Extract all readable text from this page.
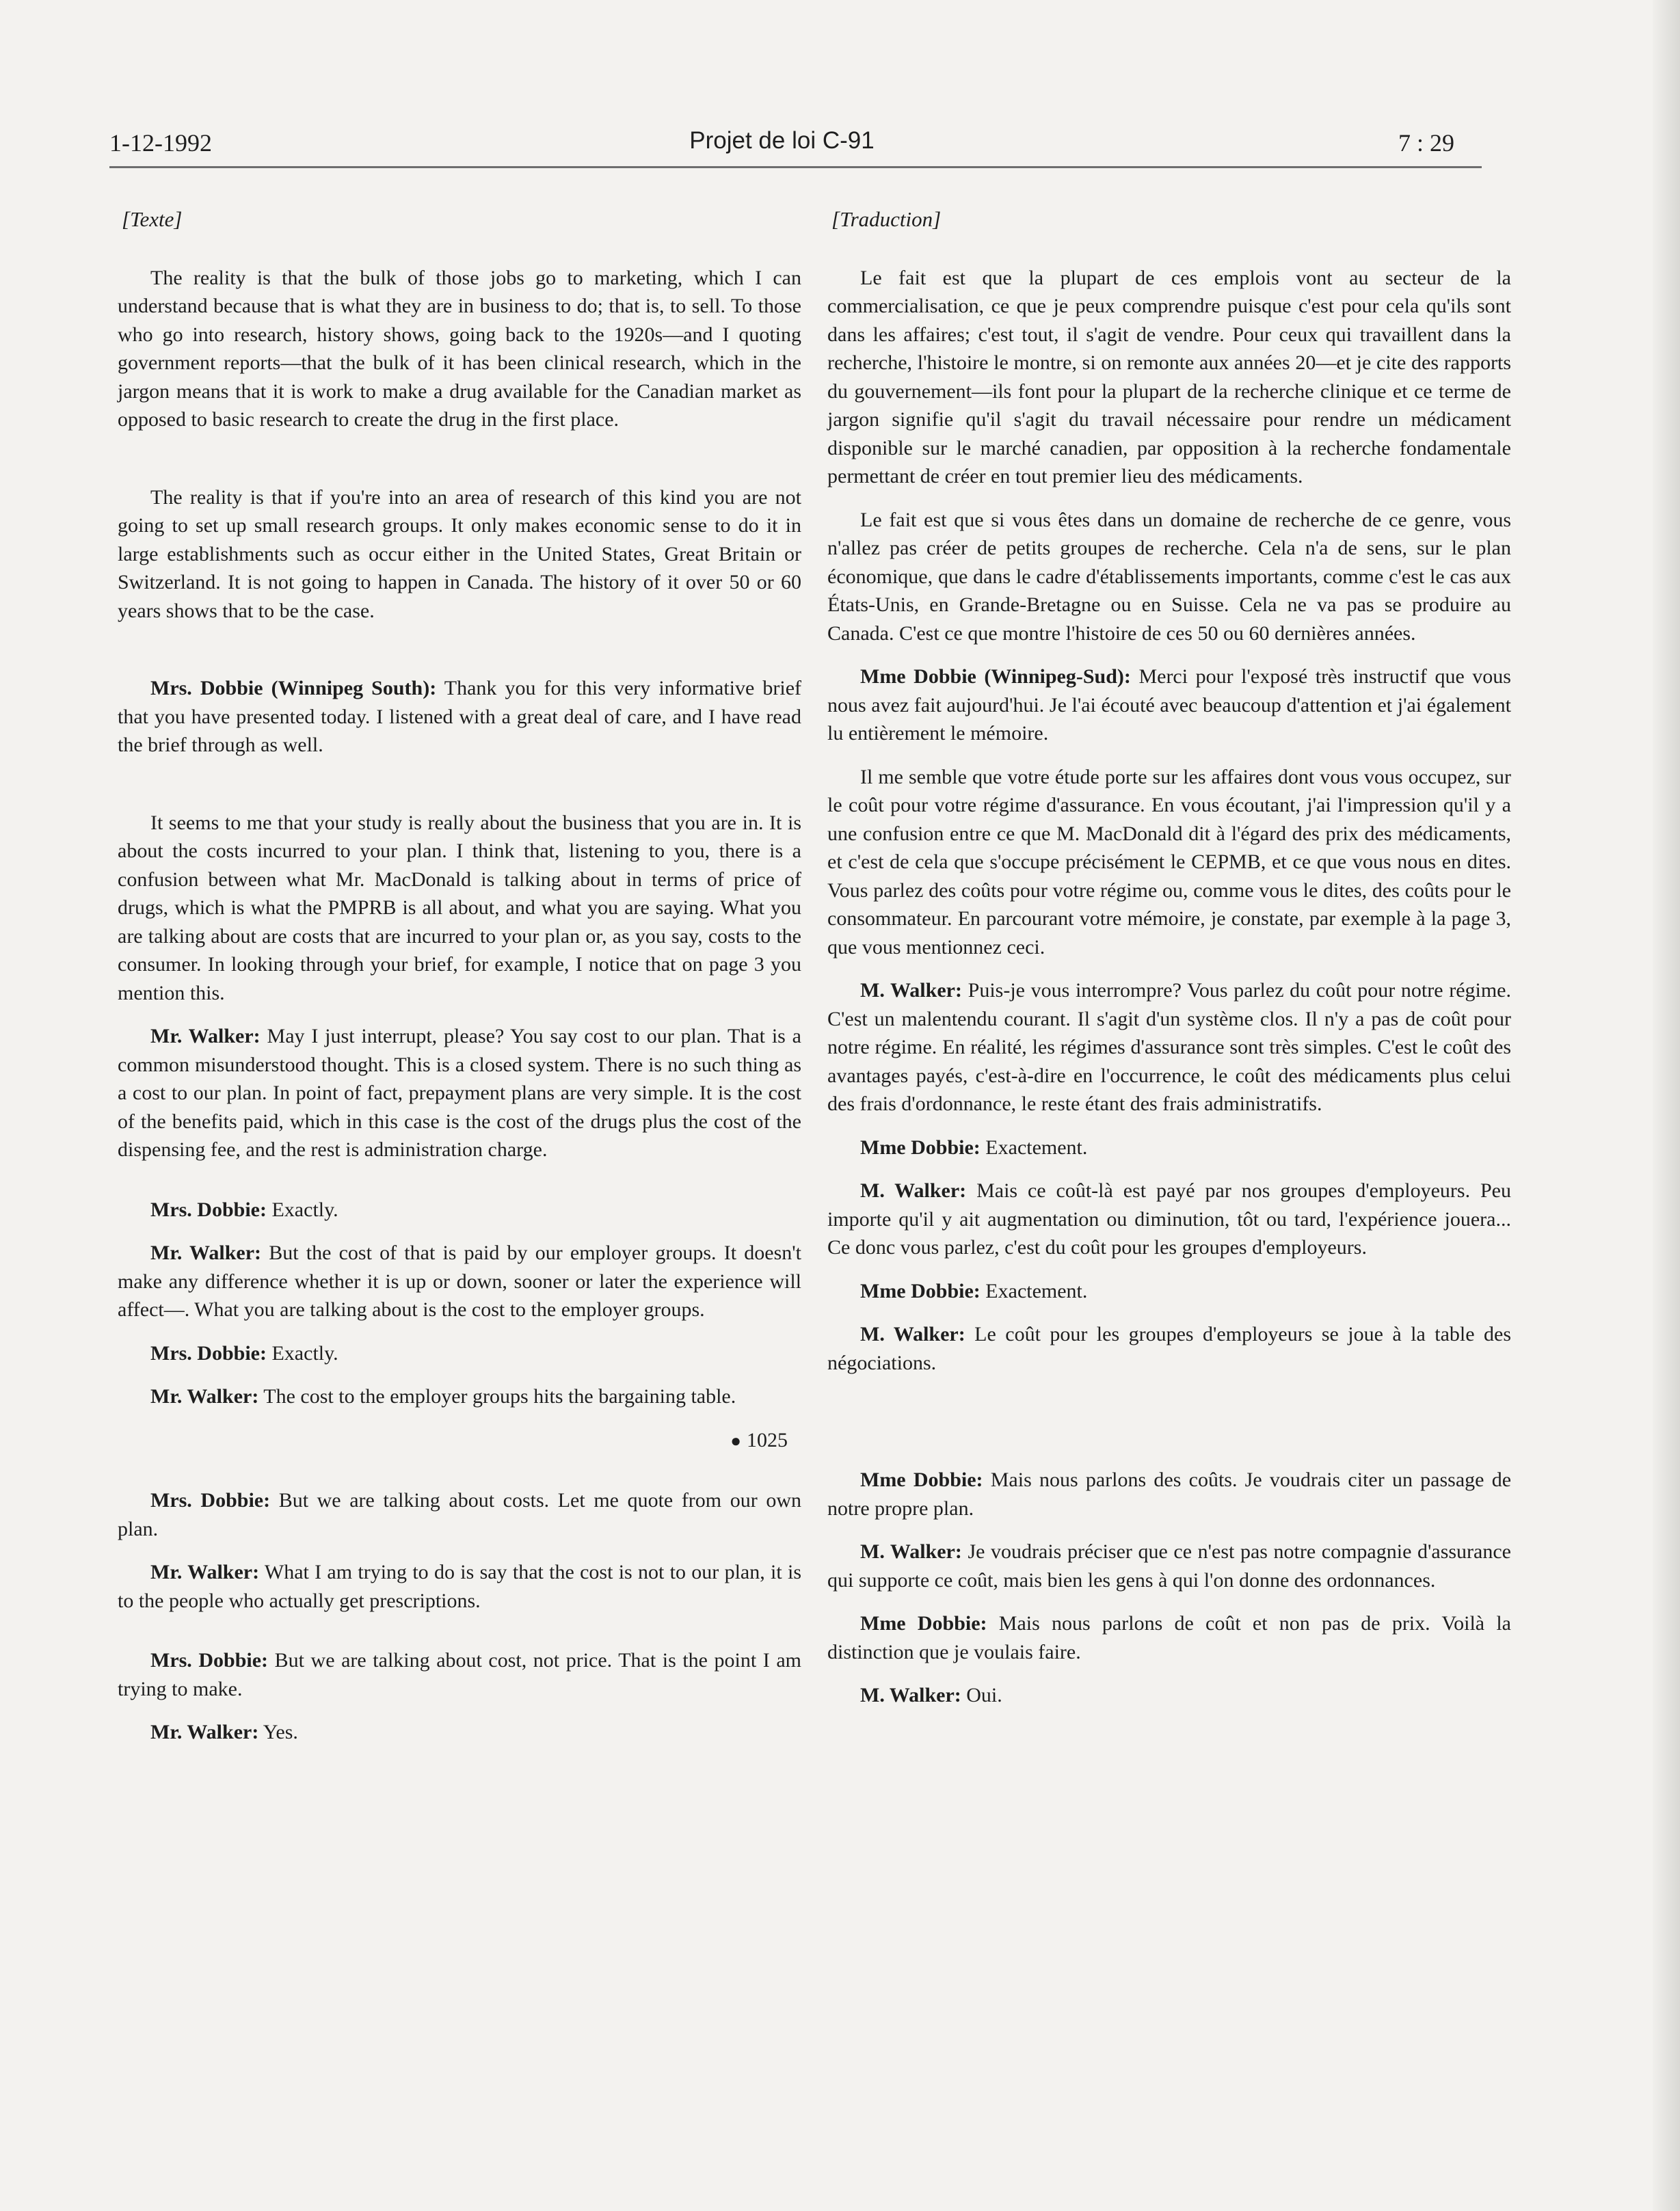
1-12-1992	Projet de loi C-91	7 : 29
[Texte]

The reality is that the bulk of those jobs go to marketing, which I can understand because that is what they are in business to do; that is, to sell. To those who go into research, history shows, going back to the 1920s—and I quoting government reports—that the bulk of it has been clinical research, which in the jargon means that it is work to make a drug available for the Canadian market as opposed to basic research to create the drug in the first place.

The reality is that if you're into an area of research of this kind you are not going to set up small research groups. It only makes economic sense to do it in large establishments such as occur either in the United States, Great Britain or Switzerland. It is not going to happen in Canada. The history of it over 50 or 60 years shows that to be the case.

Mrs. Dobbie (Winnipeg South): Thank you for this very informative brief that you have presented today. I listened with a great deal of care, and I have read the brief through as well.

It seems to me that your study is really about the business that you are in. It is about the costs incurred to your plan. I think that, listening to you, there is a confusion between what Mr. MacDonald is talking about in terms of price of drugs, which is what the PMPRB is all about, and what you are saying. What you are talking about are costs that are incurred to your plan or, as you say, costs to the consumer. In looking through your brief, for example, I notice that on page 3 you mention this.

Mr. Walker: May I just interrupt, please? You say cost to our plan. That is a common misunderstood thought. This is a closed system. There is no such thing as a cost to our plan. In point of fact, prepayment plans are very simple. It is the cost of the benefits paid, which in this case is the cost of the drugs plus the cost of the dispensing fee, and the rest is administration charge.

Mrs. Dobbie: Exactly.

Mr. Walker: But the cost of that is paid by our employer groups. It doesn't make any difference whether it is up or down, sooner or later the experience will affect—. What you are talking about is the cost to the employer groups.

Mrs. Dobbie: Exactly.

Mr. Walker: The cost to the employer groups hits the bargaining table.

● 1025

Mrs. Dobbie: But we are talking about costs. Let me quote from our own plan.

Mr. Walker: What I am trying to do is say that the cost is not to our plan, it is to the people who actually get prescriptions.

Mrs. Dobbie: But we are talking about cost, not price. That is the point I am trying to make.

Mr. Walker: Yes.

[Traduction]

Le fait est que la plupart de ces emplois vont au secteur de la commercialisation, ce que je peux comprendre puisque c'est pour cela qu'ils sont dans les affaires; c'est tout, il s'agit de vendre. Pour ceux qui travaillent dans la recherche, l'histoire le montre, si on remonte aux années 20—et je cite des rapports du gouvernement—ils font pour la plupart de la recherche clinique et ce terme de jargon signifie qu'il s'agit du travail nécessaire pour rendre un médicament disponible sur le marché canadien, par opposition à la recherche fondamentale permettant de créer en tout premier lieu des médicaments.

Le fait est que si vous êtes dans un domaine de recherche de ce genre, vous n'allez pas créer de petits groupes de recherche. Cela n'a de sens, sur le plan économique, que dans le cadre d'établissements importants, comme c'est le cas aux États-Unis, en Grande-Bretagne ou en Suisse. Cela ne va pas se produire au Canada. C'est ce que montre l'histoire de ces 50 ou 60 dernières années.

Mme Dobbie (Winnipeg-Sud): Merci pour l'exposé très instructif que vous nous avez fait aujourd'hui. Je l'ai écouté avec beaucoup d'attention et j'ai également lu entièrement le mémoire.

Il me semble que votre étude porte sur les affaires dont vous vous occupez, sur le coût pour votre régime d'assurance. En vous écoutant, j'ai l'impression qu'il y a une confusion entre ce que M. MacDonald dit à l'égard des prix des médicaments, et c'est de cela que s'occupe précisément le CEPMB, et ce que vous nous en dites. Vous parlez des coûts pour votre régime ou, comme vous le dites, des coûts pour le consommateur. En parcourant votre mémoire, je constate, par exemple à la page 3, que vous mentionnez ceci.

M. Walker: Puis-je vous interrompre? Vous parlez du coût pour notre régime. C'est un malentendu courant. Il s'agit d'un système clos. Il n'y a pas de coût pour notre régime. En réalité, les régimes d'assurance sont très simples. C'est le coût des avantages payés, c'est-à-dire en l'occurrence, le coût des médicaments plus celui des frais d'ordonnance, le reste étant des frais administratifs.

Mme Dobbie: Exactement.

M. Walker: Mais ce coût-là est payé par nos groupes d'employeurs. Peu importe qu'il y ait augmentation ou diminution, tôt ou tard, l'expérience jouera... Ce donc vous parlez, c'est du coût pour les groupes d'employeurs.

Mme Dobbie: Exactement.

M. Walker: Le coût pour les groupes d'employeurs se joue à la table des négociations.

Mme Dobbie: Mais nous parlons des coûts. Je voudrais citer un passage de notre propre plan.

M. Walker: Je voudrais préciser que ce n'est pas notre compagnie d'assurance qui supporte ce coût, mais bien les gens à qui l'on donne des ordonnances.

Mme Dobbie: Mais nous parlons de coût et non pas de prix. Voilà la distinction que je voulais faire.

M. Walker: Oui.
